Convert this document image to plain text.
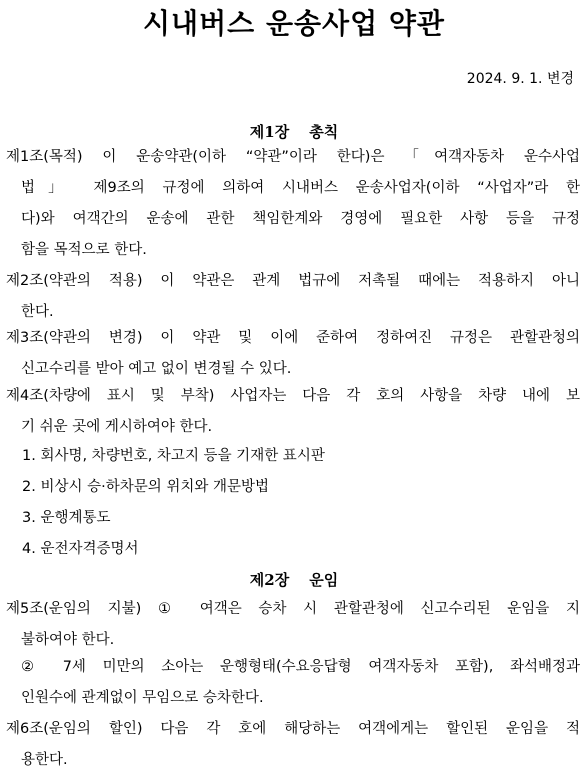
시내버스 운송사업 약관

2024. 9. 1. 변경

제1장 총칙

제1조(목적) 이 운송약관(이하 “약관”이라 한다)은 「여객자동차 운수사업
법」 제9조의 규정에 의하여 시내버스 운송사업자(이하 “사업자”라 한
다)와 여객간의 운송에 관한 책임한계와 경영에 필요한 사항 등을 규정
함을 목적으로 한다.
제2조(약관의 적용) 이 약관은 관계 법규에 저촉될 때에는 적용하지 아니
한다.
제3조(약관의 변경) 이 약관 및 이에 준하여 정하여진 규정은 관할관청의
신고수리를 받아 예고 없이 변경될 수 있다.
제4조(차량에 표시 및 부착) 사업자는 다음 각 호의 사항을 차량 내에 보
기 쉬운 곳에 게시하여야 한다.

1. 회사명, 차량번호, 차고지 등을 기재한 표시판

2. 비상시 승·하차문의 위치와 개문방법

3. 운행계통도

4. 운전자격증명서

제2장 운임

제5조(운임의 지불) ① 여객은 승차 시 관할관청에 신고수리된 운임을 지
불하여야 한다.
② 7세 미만의 소아는 운행형태(수요응답형 여객자동차 포함), 좌석배정과
인원수에 관계없이 무임으로 승차한다.
제6조(운임의 할인) 다음 각 호에 해당하는 여객에게는 할인된 운임을 적
용한다.
